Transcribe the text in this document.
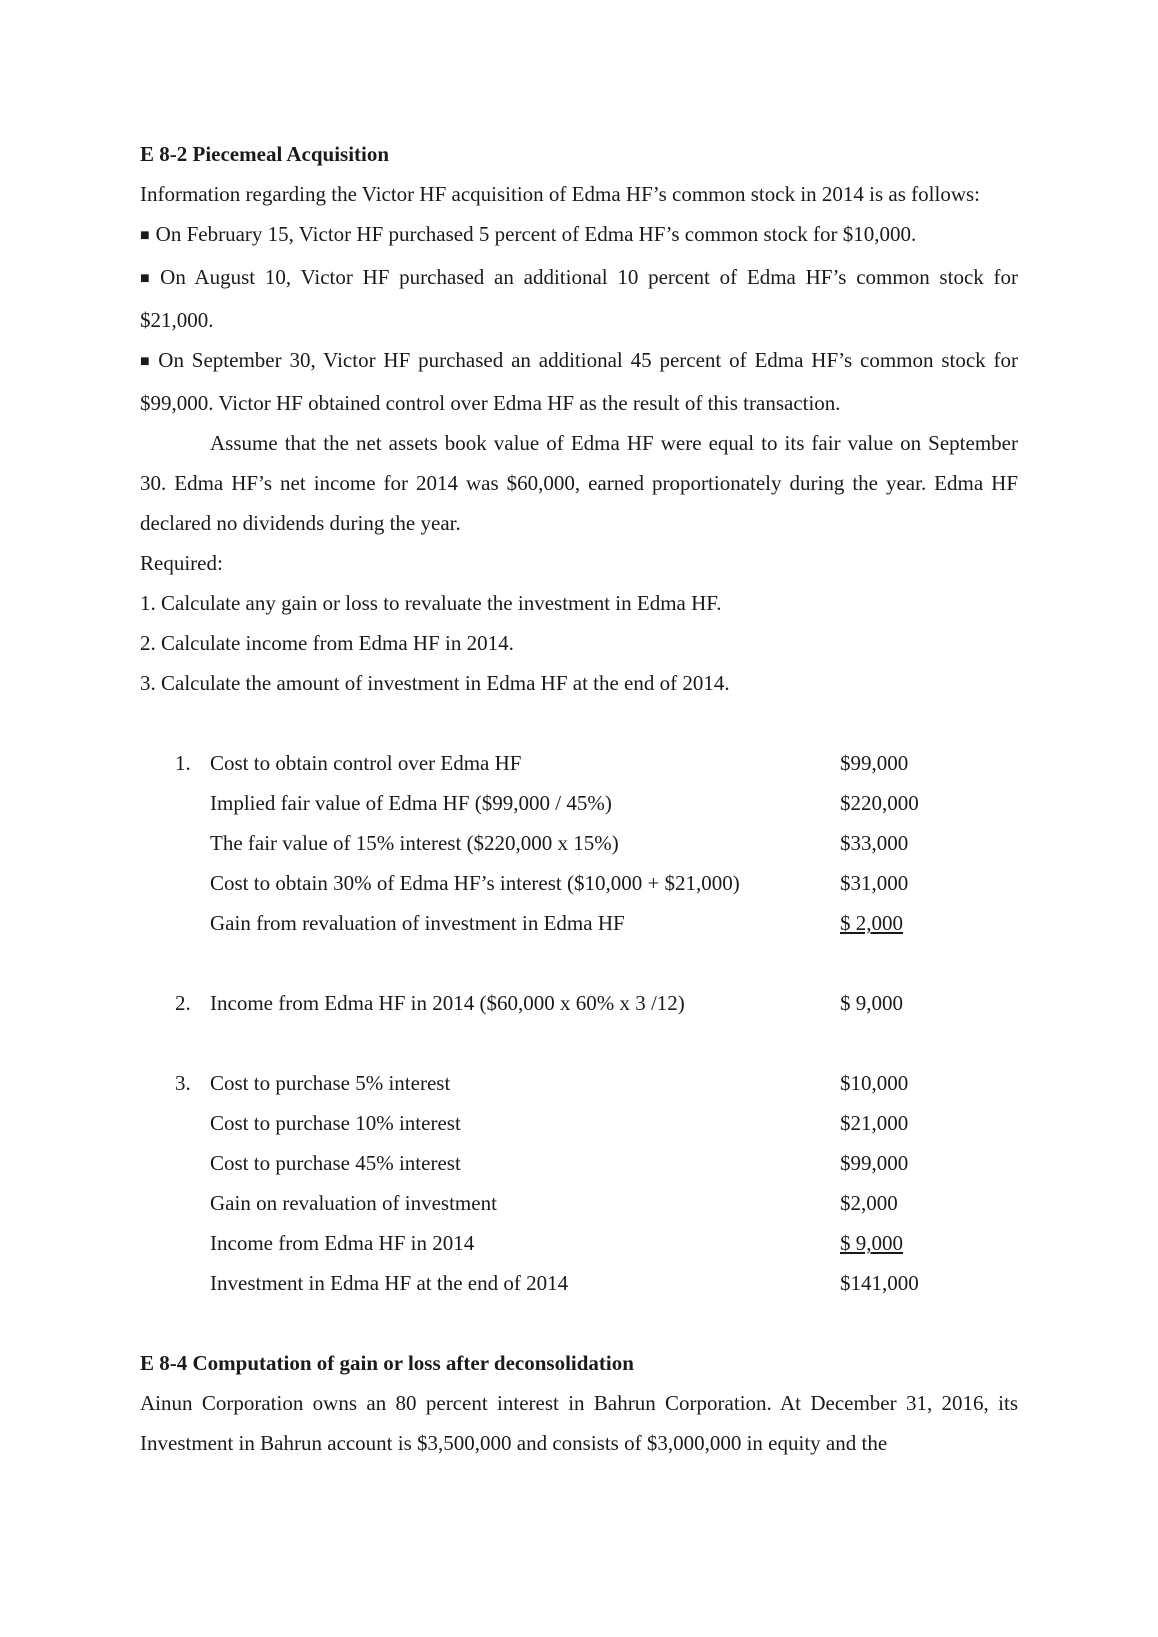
E 8-2 Piecemeal Acquisition

Information regarding the Victor HF acquisition of Edma HF’s common stock in 2014 is as follows:

■ On February 15, Victor HF purchased 5 percent of Edma HF’s common stock for $10,000.

■ On August 10, Victor HF purchased an additional 10 percent of Edma HF’s common stock for $21,000.

■ On September 30, Victor HF purchased an additional 45 percent of Edma HF’s common stock for $99,000. Victor HF obtained control over Edma HF as the result of this transaction.

Assume that the net assets book value of Edma HF were equal to its fair value on September 30. Edma HF’s net income for 2014 was $60,000, earned proportionately during the year. Edma HF declared no dividends during the year.

Required:

1. Calculate any gain or loss to revaluate the investment in Edma HF.
2. Calculate income from Edma HF in 2014.
3. Calculate the amount of investment in Edma HF at the end of 2014.
1. Cost to obtain control over Edma HF	$99,000
Implied fair value of Edma HF ($99,000 / 45%)	$220,000
The fair value of 15% interest ($220,000 x 15%)	$33,000
Cost to obtain 30% of Edma HF’s interest ($10,000 + $21,000)	$31,000
Gain from revaluation of investment in Edma HF	$ 2,000
2. Income from Edma HF in 2014 ($60,000 x 60% x 3 /12)	$ 9,000
3. Cost to purchase 5% interest	$10,000
Cost to purchase 10% interest	$21,000
Cost to purchase 45% interest	$99,000
Gain on revaluation of investment	$2,000
Income from Edma HF in 2014	$ 9,000
Investment in Edma HF at the end of 2014	$141,000

E 8-4 Computation of gain or loss after deconsolidation

Ainun Corporation owns an 80 percent interest in Bahrun Corporation. At December 31, 2016, its Investment in Bahrun account is $3,500,000 and consists of $3,000,000 in equity and the
